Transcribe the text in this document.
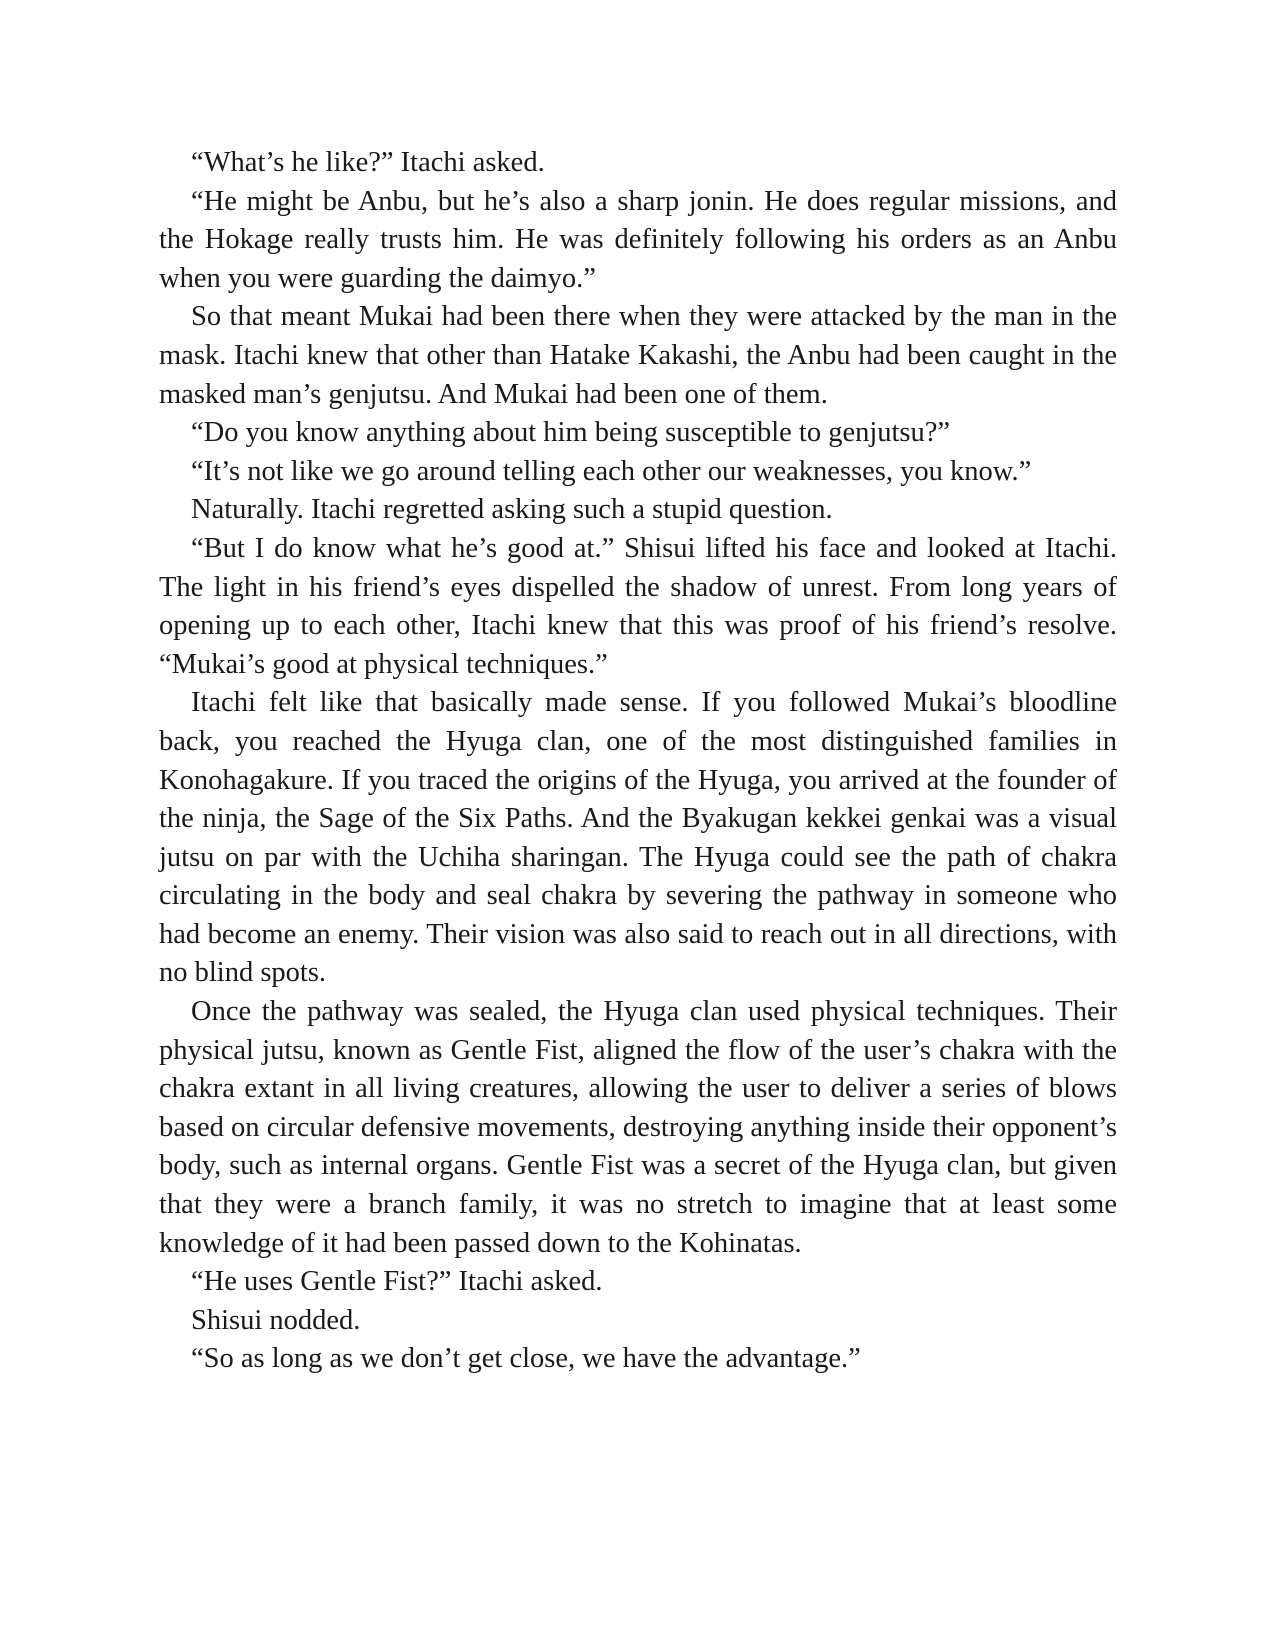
“What’s he like?” Itachi asked.

“He might be Anbu, but he’s also a sharp jonin. He does regular missions, and the Hokage really trusts him. He was definitely following his orders as an Anbu when you were guarding the daimyo.”

So that meant Mukai had been there when they were attacked by the man in the mask. Itachi knew that other than Hatake Kakashi, the Anbu had been caught in the masked man’s genjutsu. And Mukai had been one of them.

“Do you know anything about him being susceptible to genjutsu?”

“It’s not like we go around telling each other our weaknesses, you know.”

Naturally. Itachi regretted asking such a stupid question.

“But I do know what he’s good at.” Shisui lifted his face and looked at Itachi. The light in his friend’s eyes dispelled the shadow of unrest. From long years of opening up to each other, Itachi knew that this was proof of his friend’s resolve. “Mukai’s good at physical techniques.”

Itachi felt like that basically made sense. If you followed Mukai’s bloodline back, you reached the Hyuga clan, one of the most distinguished families in Konohagakure. If you traced the origins of the Hyuga, you arrived at the founder of the ninja, the Sage of the Six Paths. And the Byakugan kekkei genkai was a visual jutsu on par with the Uchiha sharingan. The Hyuga could see the path of chakra circulating in the body and seal chakra by severing the pathway in someone who had become an enemy. Their vision was also said to reach out in all directions, with no blind spots.

Once the pathway was sealed, the Hyuga clan used physical techniques. Their physical jutsu, known as Gentle Fist, aligned the flow of the user’s chakra with the chakra extant in all living creatures, allowing the user to deliver a series of blows based on circular defensive movements, destroying anything inside their opponent’s body, such as internal organs. Gentle Fist was a secret of the Hyuga clan, but given that they were a branch family, it was no stretch to imagine that at least some knowledge of it had been passed down to the Kohinatas.

“He uses Gentle Fist?” Itachi asked.

Shisui nodded.

“So as long as we don’t get close, we have the advantage.”
